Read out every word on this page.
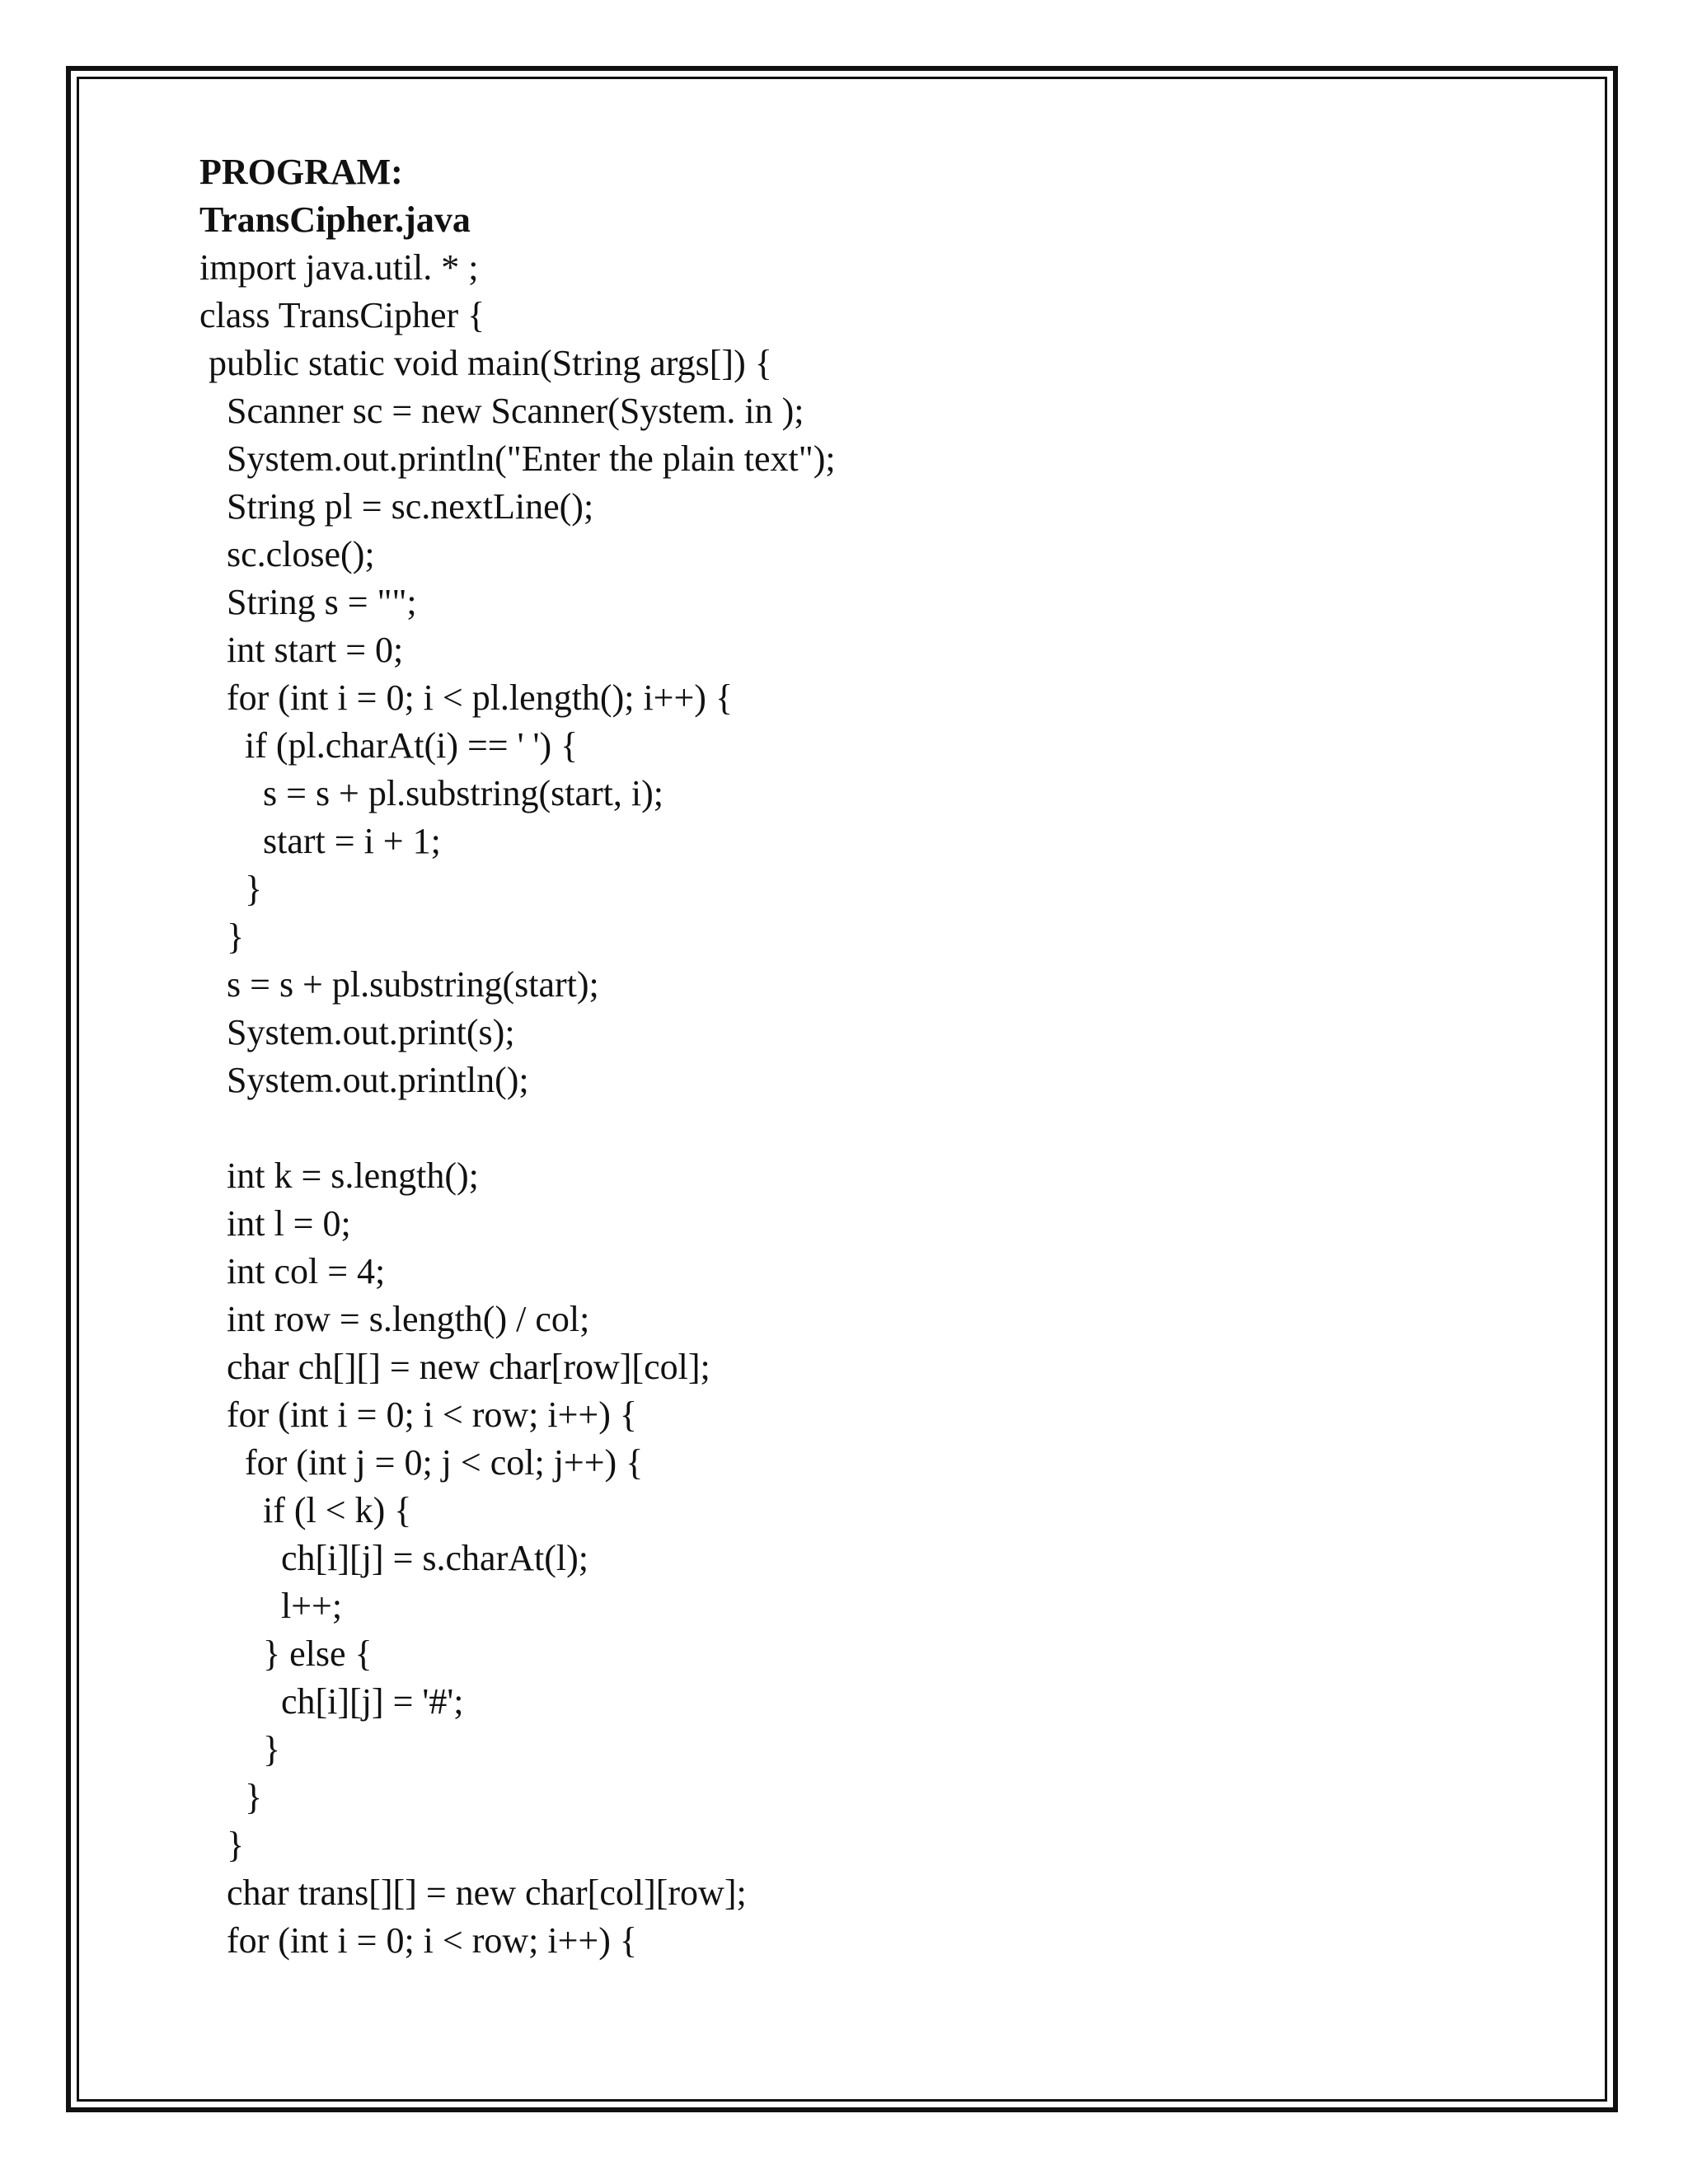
PROGRAM:
TransCipher.java
import java.util. * ;
class TransCipher {
public static void main(String args[]) {
Scanner sc = new Scanner(System. in );
System.out.println("Enter the plain text");
String pl = sc.nextLine();
sc.close();
String s = "";
int start = 0;
for (int i = 0; i < pl.length(); i++) {
if (pl.charAt(i) == ' ') {
s = s + pl.substring(start, i);
start = i + 1;
}
}
s = s + pl.substring(start);
System.out.print(s);
System.out.println();
int k = s.length();
int l = 0;
int col = 4;
int row = s.length() / col;
char ch[][] = new char[row][col];
for (int i = 0; i < row; i++) {
for (int j = 0; j < col; j++) {
if (l < k) {
ch[i][j] = s.charAt(l);
l++;
} else {
ch[i][j] = '#';
}
}
}
char trans[][] = new char[col][row];
for (int i = 0; i < row; i++) {
